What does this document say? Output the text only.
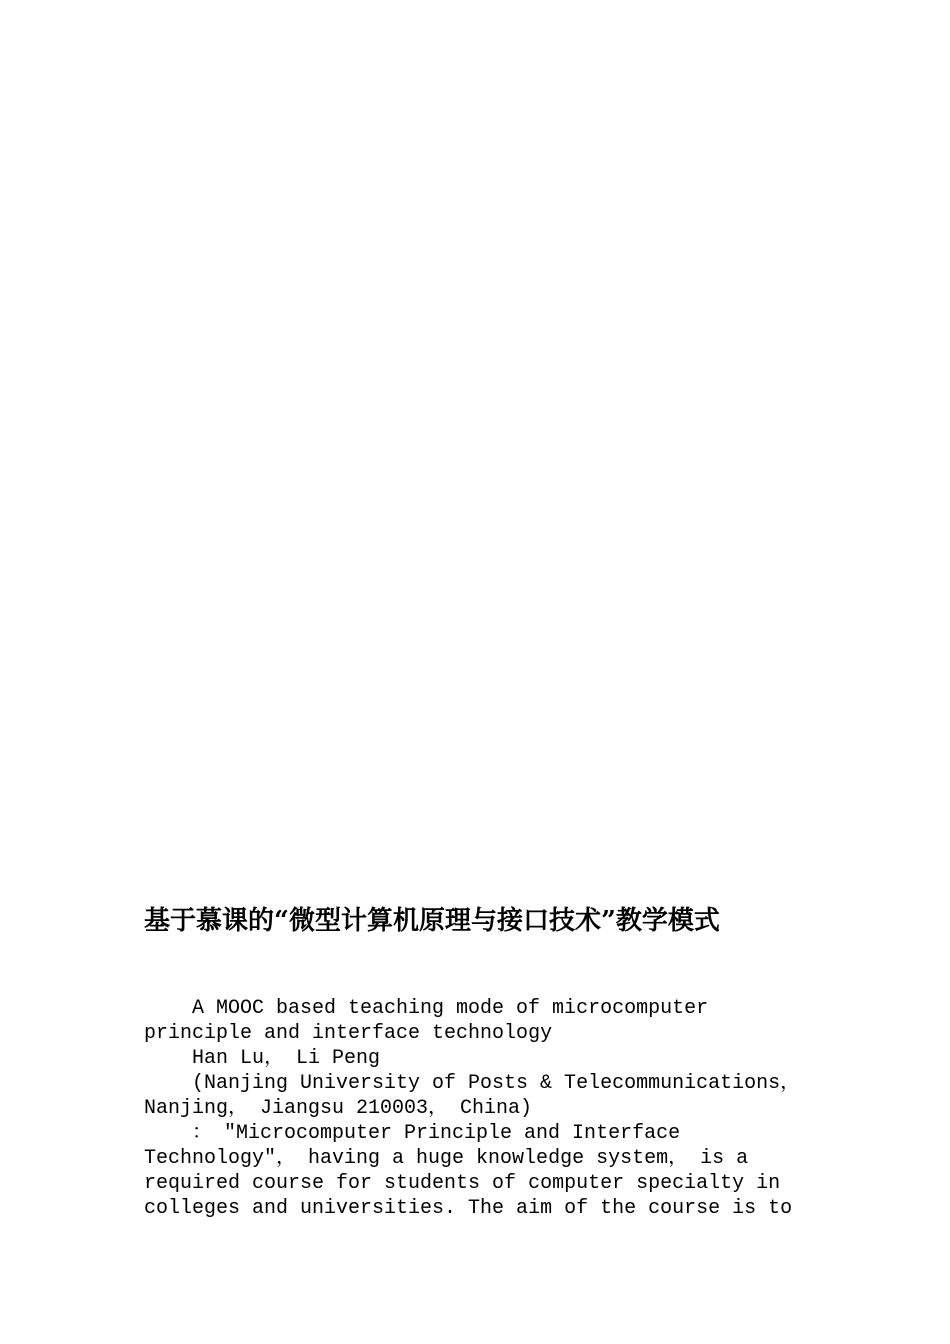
基于慕课的“微型计算机原理与接口技术”教学模式

A MOOC based teaching mode of microcomputer principle and interface technology

Han Lu， Li Peng

(Nanjing University of Posts & Telecommunications， Nanjing， Jiangsu 210003， China)

： "Microcomputer Principle and Interface Technology"， having a huge knowledge system， is a required course for students of computer specialty in colleges and universities. The aim of the course is to
